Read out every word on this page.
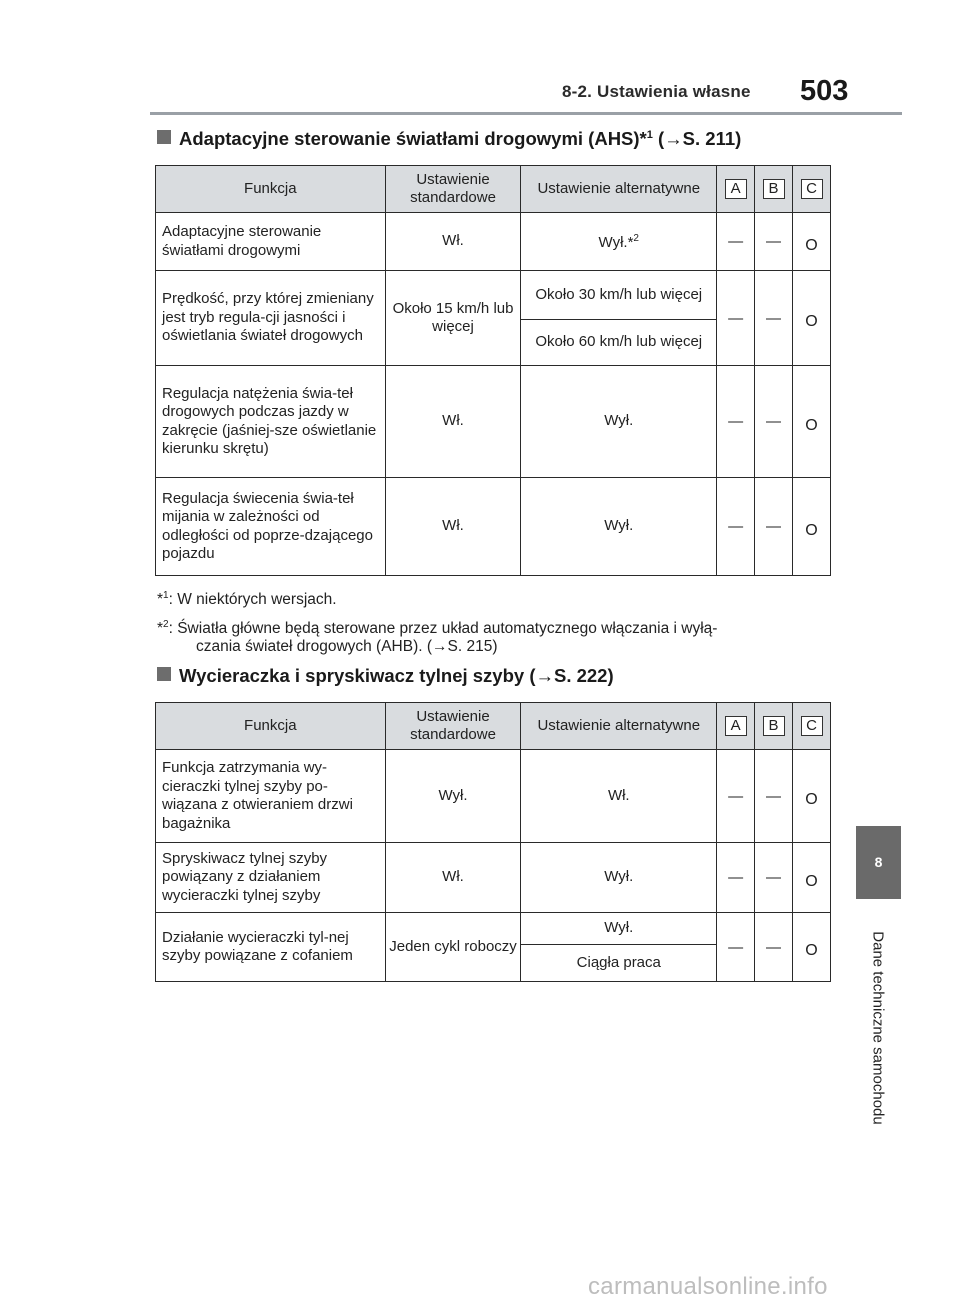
8-2. Ustawienia własne 503
Adaptacyjne sterowanie światłami drogowymi (AHS)*$^1$ (→S. 211)
Funkcja	Ustawienie standardowe	Ustawienie alternatywne	A	B	C
Adaptacyjne sterowanie światłami drogowymi	Wł.	Wył.*$^2$	—	—	O
Prędkość, przy której zmieniany jest tryb regula-cji jasności i oświetlania świateł drogowych	Około 15 km/h lub więcej	Około 30 km/h lub więcej	—	—	O
		Około 60 km/h lub więcej			
Regulacja natężenia świa-teł drogowych podczas jazdy w zakręcie (jaśniej-sze oświetlanie kierunku skrętu)	Wł.	Wył.	—	—	O
Regulacja świecenia świa-teł mijania w zależności od odległości od poprze-dzającego pojazdu	Wł.	Wył.	—	—	O
*$^1$: W niektórych wersjach.
*$^2$: Światła główne będą sterowane przez układ automatycznego włączania i wyłą-
czania świateł drogowych (AHB). (→S. 215)
Wycieraczka i spryskiwacz tylnej szyby (→S. 222)
Funkcja	Ustawienie standardowe	Ustawienie alternatywne	A	B	C
Funkcja zatrzymania wy-cieraczki tylnej szyby po-wiązana z otwieraniem drzwi bagażnika	Wył.	Wł.	—	—	O
Spryskiwacz tylnej szyby powiązany z działaniem wycieraczki tylnej szyby	Wł.	Wył.	—	—	O
Działanie wycieraczki tyl-nej szyby powiązane z cofaniem	Jeden cykl roboczy	Wył.	—	—	O
		Ciągła praca			
8
Dane techniczne samochodu
carmanualsonline.info
